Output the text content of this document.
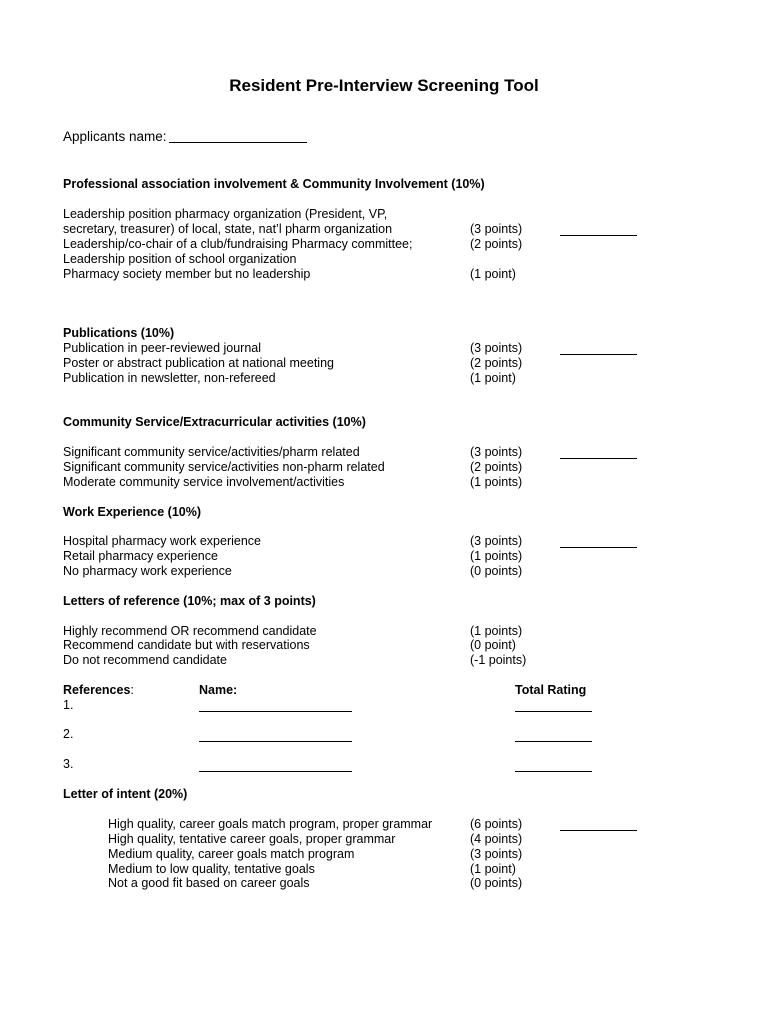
Resident Pre-Interview Screening Tool
Applicants name:
Professional association involvement & Community Involvement (10%)
Leadership position pharmacy organization (President, VP,
secretary, treasurer) of local, state, nat’l pharm organization	(3 points)
Leadership/co-chair of a club/fundraising Pharmacy committee;	(2 points)
Leadership position of school organization
Pharmacy society member but no leadership	(1 point)
Publications (10%)
Publication in peer-reviewed journal	(3 points)
Poster or abstract publication at national meeting	(2 points)
Publication in newsletter, non-refereed	(1 point)
Community Service/Extracurricular activities (10%)
Significant community service/activities/pharm related	(3 points)
Significant community service/activities non-pharm related	(2 points)
Moderate community service involvement/activities	(1 points)
Work Experience (10%)
Hospital pharmacy work experience	(3 points)
Retail pharmacy experience	(1 points)
No pharmacy work experience	(0 points)
Letters of reference (10%; max of 3 points)
Highly recommend OR recommend candidate	(1 points)
Recommend candidate but with reservations	(0 point)
Do not recommend candidate	(-1 points)
References:	Name:	Total Rating
1.
2.
3.
Letter of intent (20%)
High quality, career goals match program, proper grammar	(6 points)
High quality, tentative career goals, proper grammar	(4 points)
Medium quality, career goals match program	(3 points)
Medium to low quality, tentative goals	(1 point)
Not a good fit based on career goals	(0 points)
